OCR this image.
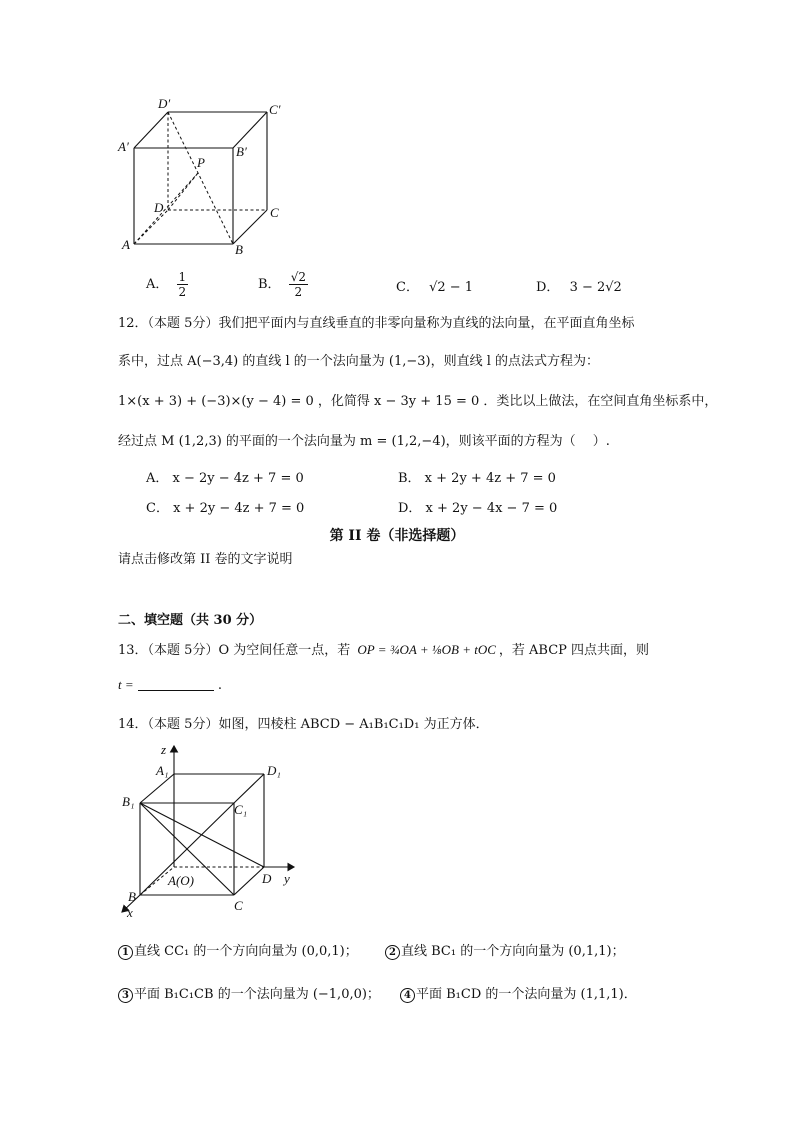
D′	C′
A′	B′
P
D	C
A	B
A． $\frac{1}{2}$	B． $\frac{√2}{2}$	C． √2 − 1	D． 3 − 2√2
12．（本题 5分）我们把平面内与直线垂直的非零向量称为直线的法向量，在平面直角坐标
系中，过点 A(−3,4) 的直线 l 的一个法向量为 (1,−3)，则直线 l 的点法式方程为：
1×(x + 3) + (−3)×(y − 4) = 0 ，化简得 x − 3y + 15 = 0 ．类比以上做法，在空间直角坐标系中，
经过点 M (1,2,3) 的平面的一个法向量为 m = (1,2,−4)，则该平面的方程为（　 ）.
A． x − 2y − 4z + 7 = 0	B． x + 2y + 4z + 7 = 0
C． x + 2y − 4z + 7 = 0	D． x + 2y − 4x − 7 = 0
第 II 卷（非选择题）
请点击修改第 II 卷的文字说明
二、填空题（共 30 分）
13．（本题 5分）O 为空间任意一点，若 OP = ¾OA + ⅛OB + tOC ，若 ABCP 四点共面，则
t =	.
14．（本题 5分）如图，四棱柱 ABCD − A₁B₁C₁D₁ 为正方体．
z
A₁	D₁
B₁
C₁
A(O)	D y
B
C
x
1 直线 CC₁ 的一个方向向量为 (0,0,1)；	2 直线 BC₁ 的一个方向向量为 (0,1,1)；
3 平面 B₁C₁CB 的一个法向量为 (−1,0,0)；	4 平面 B₁CD 的一个法向量为 (1,1,1)．
